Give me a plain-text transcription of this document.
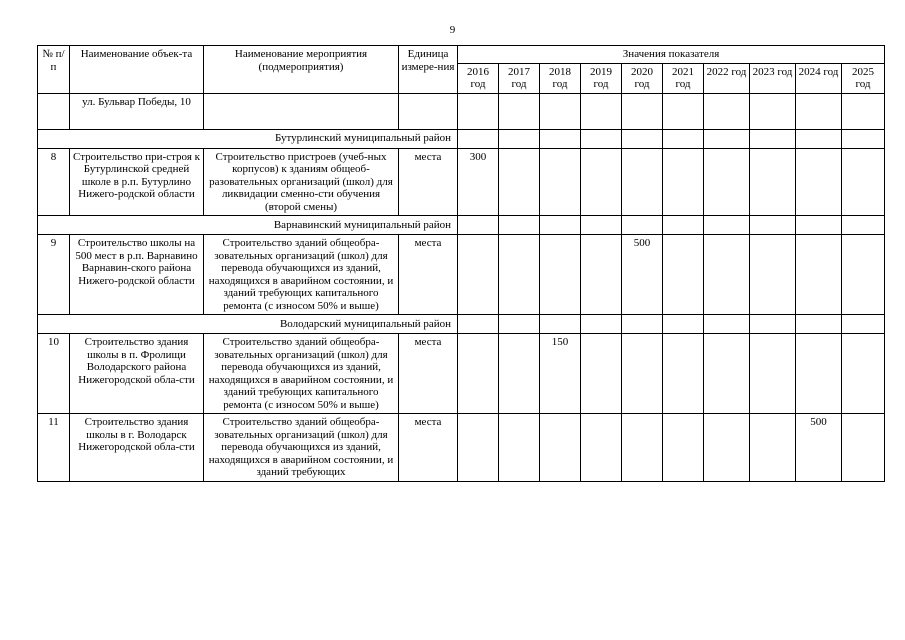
9
№ п/п	Наименование объек-та	Наименование мероприятия (подмероприятия)	Единица измере-ния	Значения показателя									
				2016 год	2017 год	2018 год	2019 год	2020 год	2021 год	2022 год	2023 год	2024 год	2025 год
	ул. Бульвар Победы, 10												
Бутурлинский муниципальный район													
8	Строительство при-строя к Бутурлинской средней школе в р.п. Бутурлино Нижего-родской области	Строительство пристроев (учеб-ных корпусов) к зданиям общеоб-разовательных организаций (школ) для ликвидации сменно-сти обучения (второй смены)	места	300									
Варнавинский муниципальный район													
9	Строительство школы на 500 мест в р.п. Варнавино Варнавин-ского района Нижего-родской области	Строительство зданий общеобра-зовательных организаций (школ) для перевода обучающихся из зданий, находящихся в аварийном состоянии, и зданий требующих капитального ремонта (с износом 50% и выше)	места					500					
Володарский муниципальный район													
10	Строительство здания школы в п. Фролищи Володарского района Нижегородской обла-сти	Строительство зданий общеобра-зовательных организаций (школ) для перевода обучающихся из зданий, находящихся в аварийном состоянии, и зданий требующих капитального ремонта (с износом 50% и выше)	места			150							
11	Строительство здания школы в г. Володарск Нижегородской обла-сти	Строительство зданий общеобра-зовательных организаций (школ) для перевода обучающихся из зданий, находящихся в аварийном состоянии, и зданий требующих	места									500	
